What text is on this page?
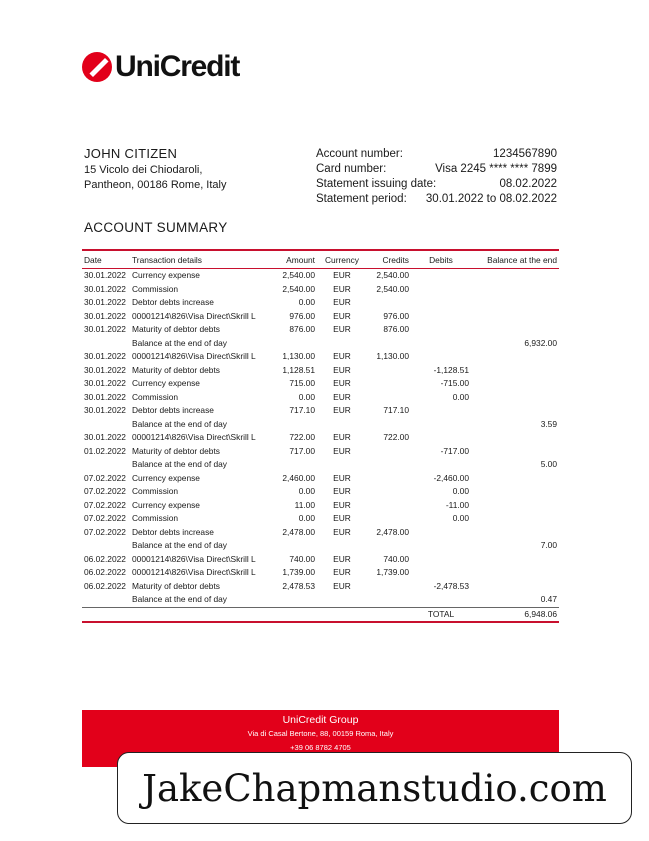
UniCredit
JOHN CITIZEN
15 Vicolo dei Chiodaroli,
Pantheon, 00186 Rome, Italy
Account number:	1234567890
Card number:	Visa 2245 **** **** 7899
Statement issuing date:	08.02.2022
Statement period: 30.01.2022 to 08.02.2022
ACCOUNT SUMMARY
Date	Transaction details	Amount	Currency	Credits	Debits	Balance at the end
30.01.2022	Currency expense	2,540.00	EUR	2,540.00		
30.01.2022	Commission	2,540.00	EUR	2,540.00		
30.01.2022	Debtor debts increase	0.00	EUR			
30.01.2022	00001214\826\Visa Direct\Skrill L	976.00	EUR	976.00		
30.01.2022	Maturity of debtor debts	876.00	EUR	876.00		
	Balance at the end of day					6,932.00
30.01.2022	00001214\826\Visa Direct\Skrill L	1,130.00	EUR	1,130.00		
30.01.2022	Maturity of debtor debts	1,128.51	EUR		-1,128.51	
30.01.2022	Currency expense	715.00	EUR		-715.00	
30.01.2022	Commission	0.00	EUR		0.00	
30.01.2022	Debtor debts increase	717.10	EUR	717.10		
	Balance at the end of day					3.59
30.01.2022	00001214\826\Visa Direct\Skrill L	722.00	EUR	722.00		
01.02.2022	Maturity of debtor debts	717.00	EUR		-717.00	
	Balance at the end of day					5.00
07.02.2022	Currency expense	2,460.00	EUR		-2,460.00	
07.02.2022	Commission	0.00	EUR		0.00	
07.02.2022	Currency expense	11.00	EUR		-11.00	
07.02.2022	Commission	0.00	EUR		0.00	
07.02.2022	Debtor debts increase	2,478.00	EUR	2,478.00		
	Balance at the end of day					7.00
06.02.2022	00001214\826\Visa Direct\Skrill L	740.00	EUR	740.00		
06.02.2022	00001214\826\Visa Direct\Skrill L	1,739.00	EUR	1,739.00		
06.02.2022	Maturity of debtor debts	2,478.53	EUR		-2,478.53	
	Balance at the end of day					0.47
					TOTAL	6,948.06
UniCredit Group
Via di Casal Bertone, 88, 00159 Roma, Italy
+39 06 8782 4705
JakeChapmanstudio.com
